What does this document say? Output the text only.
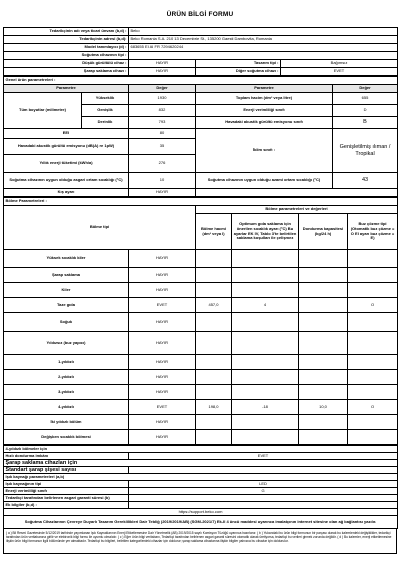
ÜRÜN BİLGİ FORMU
Tedarikçinin adı veya ticari ünvanı (b,d) :	Beko		
Tedarikçinin adresi (b,d):	Beko Romania S.A. 210 13 Decembrie St., 135200 Gaesti Dambovita, Romania		
Model tanımlayıcı (d) :	683655 EI AI FR 7294620244		
Soğutma cihazının tipi :			
Düşük gürültülü cihaz :	HAYIR	Tasarım tipi :	Bağımsız
Şarap saklama cihazı :	HAYIR	Diğer soğutma cihazı :	EVET
Genel ürün parametreleri :				
Parametre		Değer	Parametre	Değer
Tüm boyutlar (milimetre)	Yükseklik	1930	Toplam hacim (dm³ veya litre)	655
	Genişlik	832	Enerji verimliliği sınıfı	D
	Derinlik	793	Havadaki akustik gürültü emisyonu sınıfı	B
EEI		80	İklim sınıfı :	Genişletilmiş ılıman / Tropikal
Havadaki akustik gürültü emisyonu (dB(A) re 1pW)		35		
Yıllık enerji tüketimi (kWh/a)		276		
Soğutma cihazının uygun olduğu asgari ortam sıcaklığı (°C)		10	Soğutma cihazının uygun olduğu azami ortam sıcaklığı (°C)	43
Kış ayarı		HAYIR		
Bölme Parametreleri :					
Bölme tipi		Bölme parametreleri ve değerleri			
		Bölme hacmi (dm³ veya l)	Optimum gıda saklama için önerilen sıcaklık ayarı (°C) Bu ayarlar EK IV, Tablo 3'te belirtilen saklama koşulları ile çelişmez	Dondurma kapasitesi (kg/24 h)	Buz çözme tipi (Otomatik buz çözme = O El ayarı buz çözme = E)
Yüksek sıcaklık kiler	HAYIR				
Şarap saklama	HAYIR				
Kiler	HAYIR				
Taze gıda	EVET	457,0	4		O
Soğuk	HAYIR				
Yıldızsız (buz yapıcı)	HAYIR				
1-yıldızlı	HAYIR				
2-yıldızlı	HAYIR				
3-yıldızlı	HAYIR				
4-yıldızlı	EVET	198,0	-18	10,0	O
İki yıldızlı bölüm	HAYIR				
Değişken sıcaklık bölmesi	HAYIR				
4-yıldızlı bölmeler için	
Hızlı dondurma imkânı	EVET
Şarap saklama cihazları için	
Standart şarap şişesi sayısı	
Işık kaynağı parametreleri (a,b)	
Işık kaynağının tipi	LED
Enerji verimliliği sınıfı	G
Tedarikçi tarafından belirlenen asgari garanti süresi (b)	
Ek bilgiler (b,d) :	
https://support.beko.com	
Soğutma Cihazlarının Çevreye Duyarlı Tasarım Gereklilikleri Dair Tebliğ (2019/2019/AB) (SGM-2021/7) Ek-II 4 üncü maddesi uyarınca imalatçının internet sitesine olan ağ bağlantısı yazılır.	
( a ) Bil Resmi Gazetesinde 5/12/2019 tarihinde yayımlanan Işık Kaynaklarının Enerji Etiketlemesine Dair Yönetmelik (AB) 2019/2015 sayılı Komisyon Tüzüğü uyarınca hazırlanır. ( b ) Yukarıdaki bu ürün bilgi formunun bir parçası olarak bu kalemlerdeki değişiklikler, tedarikçi tarafından ürün veritabanına girilir ve elektronik bilgi formu ile uyumlu olmalıdır. ( c ) Eğer ürün bilgi veritabanı, Tedarikçi tarafından belirlenen asgari garanti süresini otomatik olarak üretiyorsa, tedarikçi bu verileri girmek zorunda değildir. ( d ) Bu kalemler, enerji etiketlemesine ilişkin ürün bilgi formunun ilgili bölümünde yer almaktadır. Tedarikçi bu bilgileri, belirtilen kategorilerdeki cihazlar için doldurur; şarap saklama cihazlarına ilişkin bilgiler yalnızca bu cihazlar için doldurulur.
